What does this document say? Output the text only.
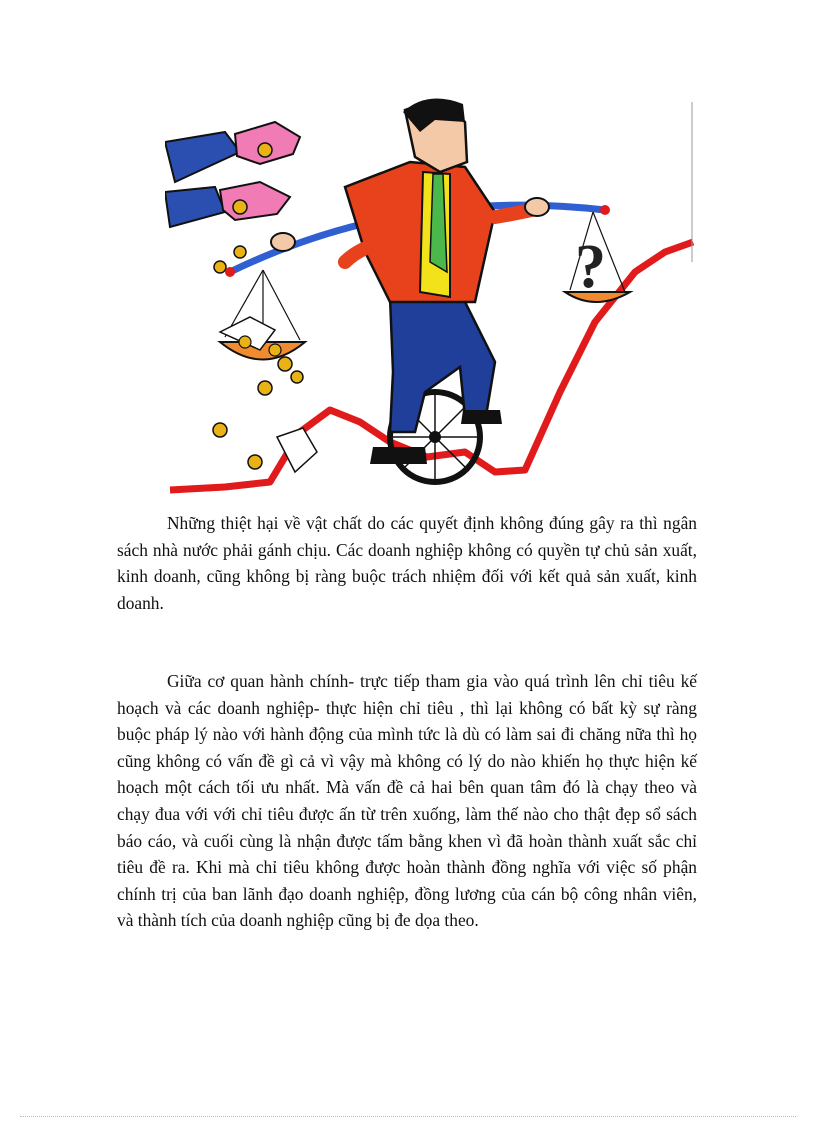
?

Những thiệt hại về vật chất do các quyết định không đúng gây ra thì ngân sách nhà nước phải gánh chịu. Các doanh nghiệp không có quyền tự chủ sản xuất, kinh doanh, cũng không bị ràng buộc trách nhiệm đối với kết quả sản xuất, kinh doanh.

Giữa cơ quan hành chính- trực tiếp tham gia vào quá trình lên chỉ tiêu kế hoạch và các doanh nghiệp- thực hiện chỉ tiêu , thì lại không có bất kỳ sự ràng buộc pháp lý nào với hành động của mình tức là dù có làm sai đi chăng nữa thì họ cũng không có vấn đề gì cả vì vậy mà không có lý do nào khiến họ thực hiện kế hoạch một cách tối ưu nhất. Mà vấn đề cả hai bên quan tâm đó là chạy theo và chạy đua với với chỉ tiêu được ấn từ trên xuống, làm thế nào cho thật đẹp sổ sách báo cáo, và cuối cùng là nhận được tấm bằng khen vì đã hoàn thành xuất sắc chỉ tiêu đề ra. Khi mà chỉ tiêu không được hoàn thành đồng nghĩa với việc số phận chính trị của ban lãnh đạo doanh nghiệp, đồng lương của cán bộ công nhân viên, và thành tích của doanh nghiệp cũng bị đe dọa theo.
